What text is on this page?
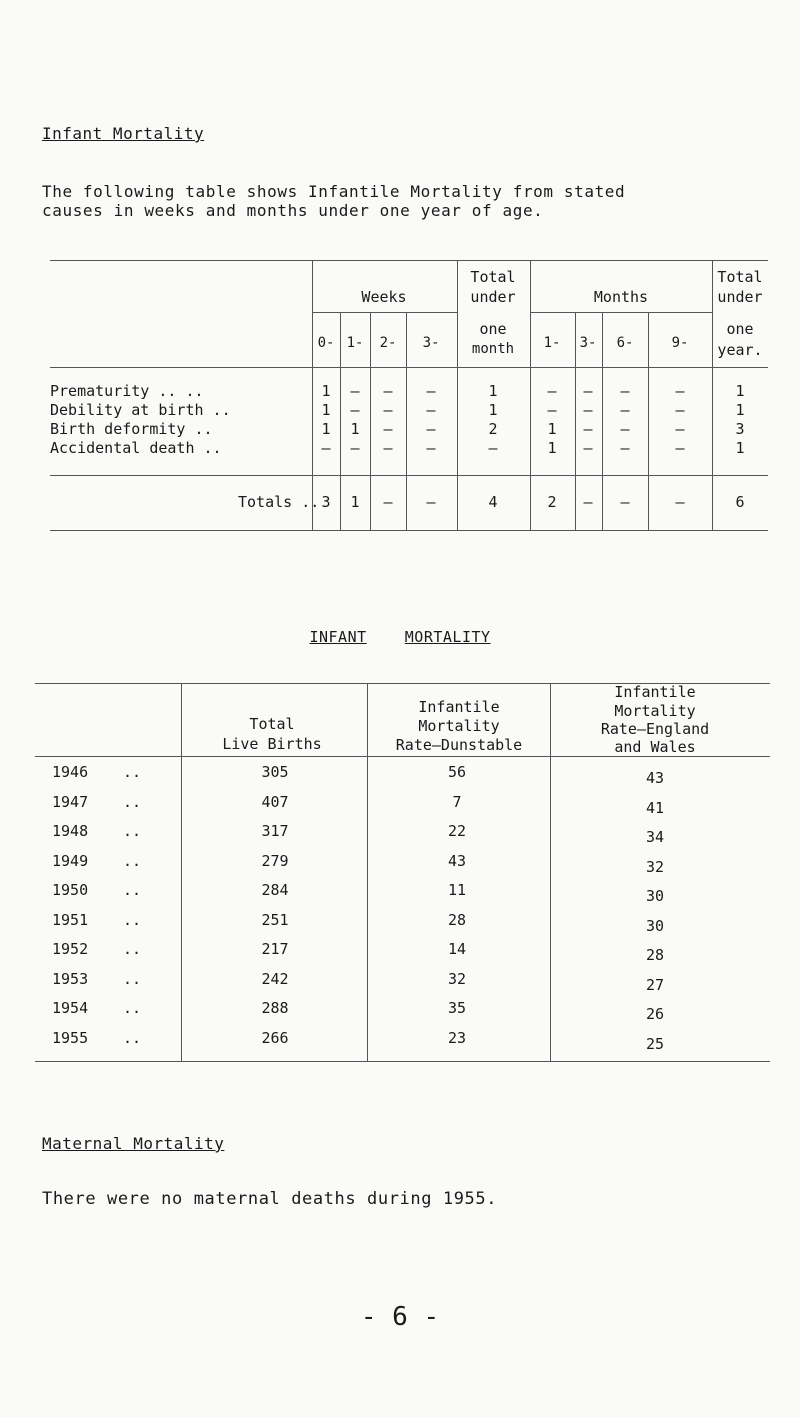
Infant Mortality
The following table shows Infantile Mortality from stated
causes in weeks and months under one year of age.
Weeks
Total
under
one
month
Months
Total
under
one
year.
0- 1- 2- 3-	1- 3- 6-	9-
Prematurity .. ..	1 – – –	1	– – –	–	1
Debility at birth ..	1 – – –	1	– – –	–	1
Birth deformity ..	1 1 – –	2	1 – –	–	3
Accidental death ..	– – – –	–	1 – –	–	1
Totals .. 3 1 – –	4	2 – –	–	6
INFANT	MORTALITY
Total
Live Births
Infantile
Mortality
Rate–Dunstable
Infantile
Mortality
Rate–England
and Wales
1946 ..	305	56	43
1947 ..	407	7	41
1948 ..	317	22	34
1949 ..	279	43	32
1950 ..	284	11	30
1951 ..	251	28	30
1952 ..	217	14	28
1953 ..	242	32	27
1954 ..	288	35	26
1955 ..	266	23	25
Maternal Mortality
There were no maternal deaths during 1955.
- 6 -
